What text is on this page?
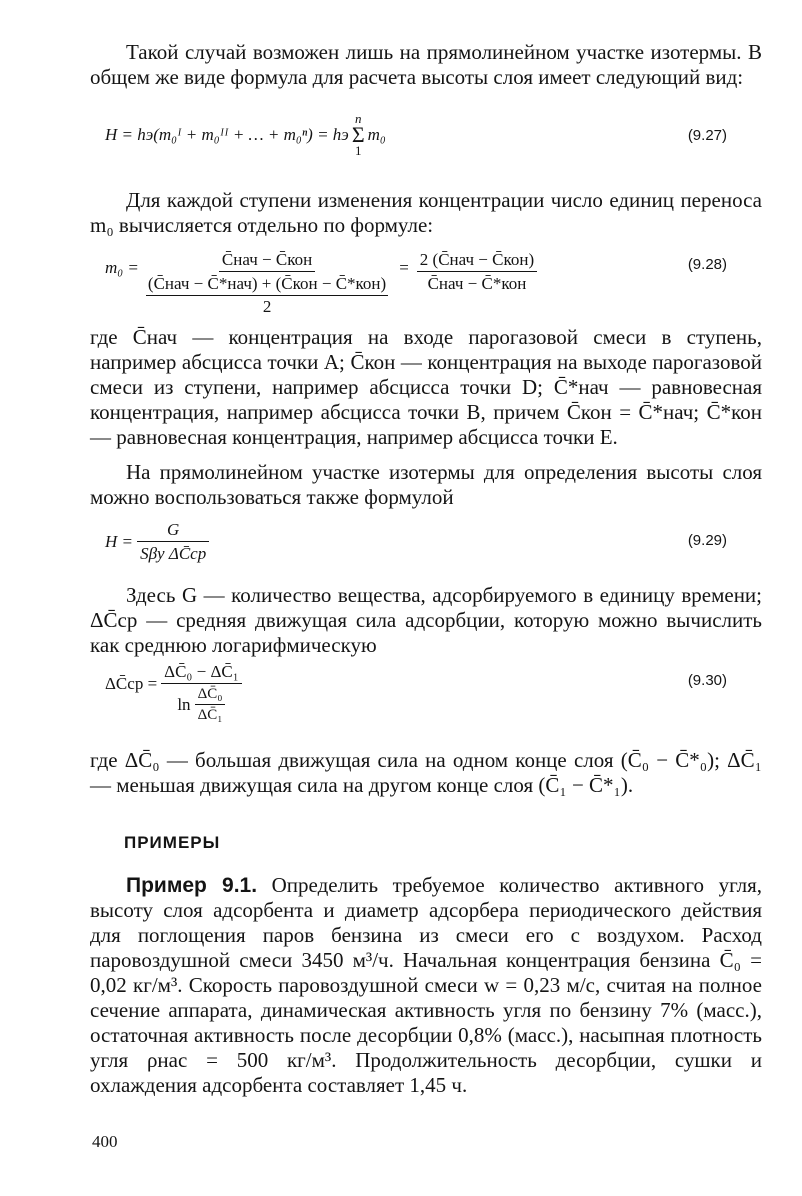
Такой случай возможен лишь на прямолинейном участке изотермы. В общем же виде формула для расчета высоты слоя имеет следующий вид:

H = hэ(m₀ᴵ + m₀ᴵᴵ + … + m₀ⁿ) = hэ
n
Σ
1
m₀	(9.27)

Для каждой ступени изменения концентрации число единиц переноса m₀ вычисляется отдельно по формуле:

m₀ = C̄нач − C̄кон
(C̄нач − C̄*нач) + (C̄кон − C̄*кон)
$2 = \frac{\text{2 (C̄нач − C̄кон)}}{\text{C̄нач − C̄*кон}}$	(9.28)

где C̄нач — концентрация на входе парогазовой смеси в ступень, например абсцисса точки A; C̄кон — концентрация на выходе парогазовой смеси из ступени, например абсцисса точки D; C̄*нач — равновесная концентрация, например абсцисса точки B, причем C̄кон = C̄*нач; C̄*кон — равновесная концентрация, например абсцисса точки E.

На прямолинейном участке изотермы для определения высоты слоя можно воспользоваться также формулой

$H = \frac{G}{\text{Sβy ΔC̄ср}}$	(9.29)

Здесь G — количество вещества, адсорбируемого в единицу времени; ΔC̄ср — средняя движущая сила адсорбции, которую можно вычислить как среднюю логарифмическую

ΔC̄ср = $\frac{\text{ΔC̄₀ − ΔC̄₁}}{\ln \frac{\text{ΔC̄₀}}{\text{ΔC̄₁}}}$	(9.30)

где ΔC̄₀ — большая движущая сила на одном конце слоя (C̄₀ − C̄*₀); ΔC̄₁ — меньшая движущая сила на другом конце слоя (C̄₁ − C̄*₁).

ПРИМЕРЫ

Пример 9.1. Определить требуемое количество активного угля, высоту слоя адсорбента и диаметр адсорбера периодического действия для поглощения паров бензина из смеси его с воздухом. Расход паровоздушной смеси 3450 м³/ч. Начальная концентрация бензина C̄₀ = 0,02 кг/м³. Скорость паровоздушной смеси w = 0,23 м/с, считая на полное сечение аппарата, динамическая активность угля по бензину 7% (масс.), остаточная активность после десорбции 0,8% (масс.), насыпная плотность угля ρнас = 500 кг/м³. Продолжительность десорбции, сушки и охлаждения адсорбента составляет 1,45 ч.

400
